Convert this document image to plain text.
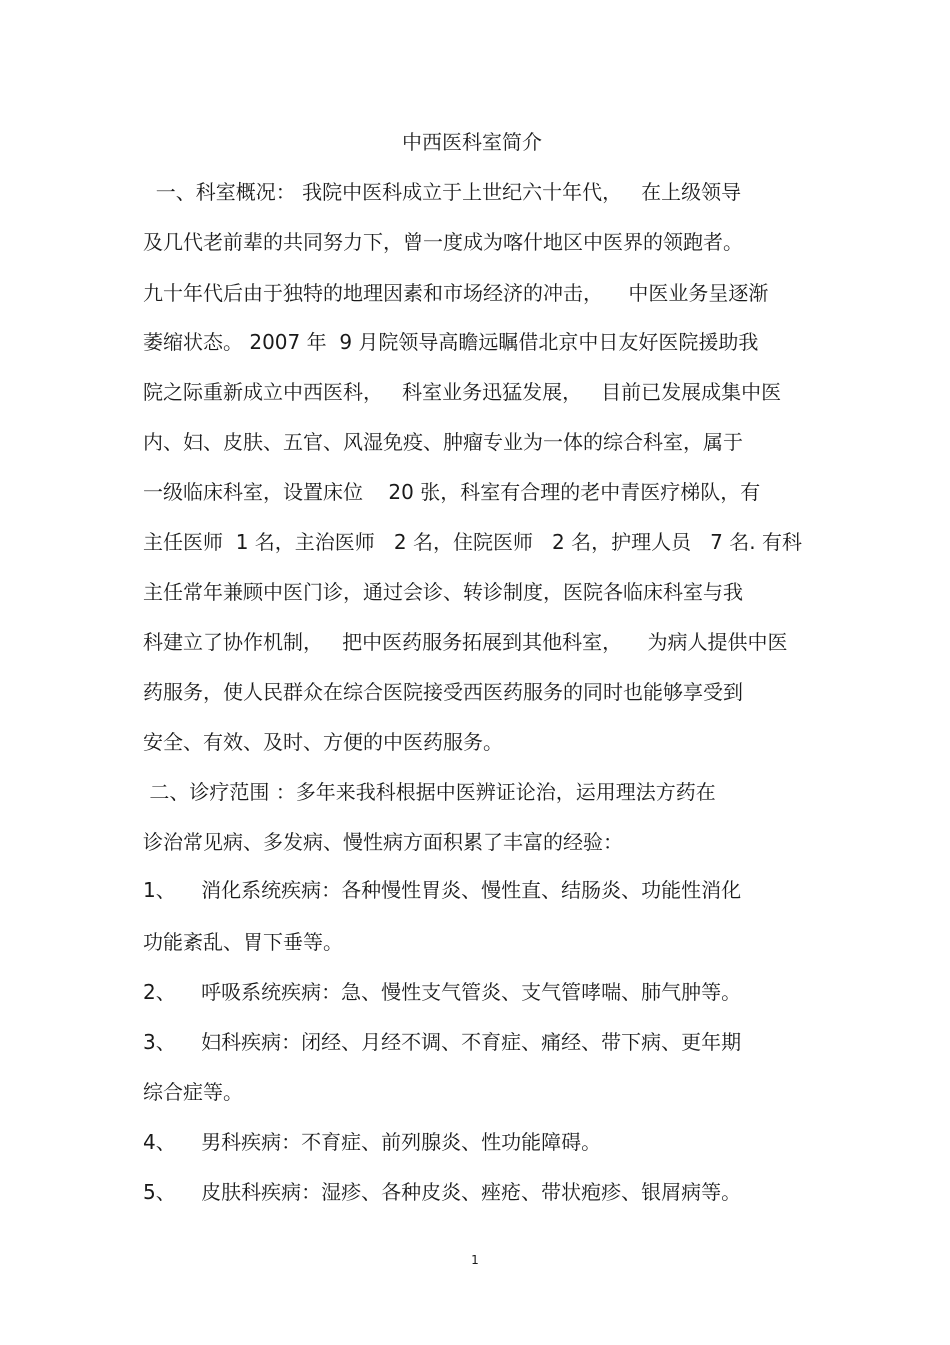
中西医科室简介
一、科室概况： 我院中医科成立于上世纪六十年代，   在上级领导
及几代老前辈的共同努力下，曾一度成为喀什地区中医界的领跑者。
九十年代后由于独特的地理因素和市场经济的冲击，    中医业务呈逐渐
萎缩状态。 2007 年  9 月院领导高瞻远瞩借北京中日友好医院援助我
院之际重新成立中西医科，   科室业务迅猛发展，   目前已发展成集中医
内、妇、皮肤、五官、风湿免疫、肿瘤专业为一体的综合科室，属于
一级临床科室，设置床位    20 张，科室有合理的老中青医疗梯队，有
主任医师  1 名，主治医师   2 名，住院医师   2 名，护理人员   7 名. 有科
主任常年兼顾中医门诊，通过会诊、转诊制度，医院各临床科室与我
科建立了协作机制，   把中医药服务拓展到其他科室，    为病人提供中医
药服务，使人民群众在综合医院接受西医药服务的同时也能够享受到
安全、有效、及时、方便的中医药服务。
二、诊疗范围 ：多年来我科根据中医辨证论治，运用理法方药在
诊治常见病、多发病、慢性病方面积累了丰富的经验：
1、    消化系统疾病：各种慢性胃炎、慢性直、结肠炎、功能性消化
功能紊乱、胃下垂等。
2、    呼吸系统疾病：急、慢性支气管炎、支气管哮喘、肺气肿等。
3、    妇科疾病：闭经、月经不调、不育症、痛经、带下病、更年期
综合症等。
4、    男科疾病：不育症、前列腺炎、性功能障碍。
5、    皮肤科疾病：湿疹、各种皮炎、痤疮、带状疱疹、银屑病等。
1
